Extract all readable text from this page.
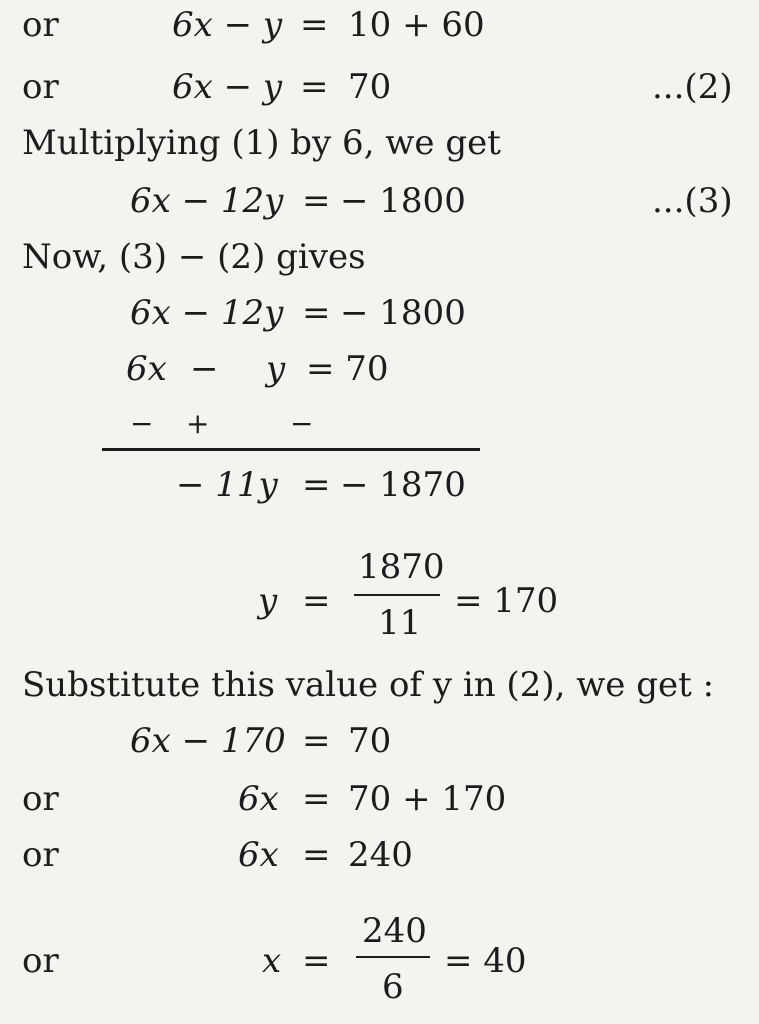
or	6x − y = 10 + 60
or	6x − y = 70	...(2)
Multiplying (1) by 6, we get
6x − 12y = − 1800	...(3)
Now, (3) − (2) gives
6x − 12y = − 1800
6x − y = 70
− +	−
− 11y = − 1870
y =
1870
11
= 170
Substitute this value of y in (2), we get :
6x − 170 = 70
or	6x = 70 + 170
or	6x = 240
or	x =
240
6
= 40
